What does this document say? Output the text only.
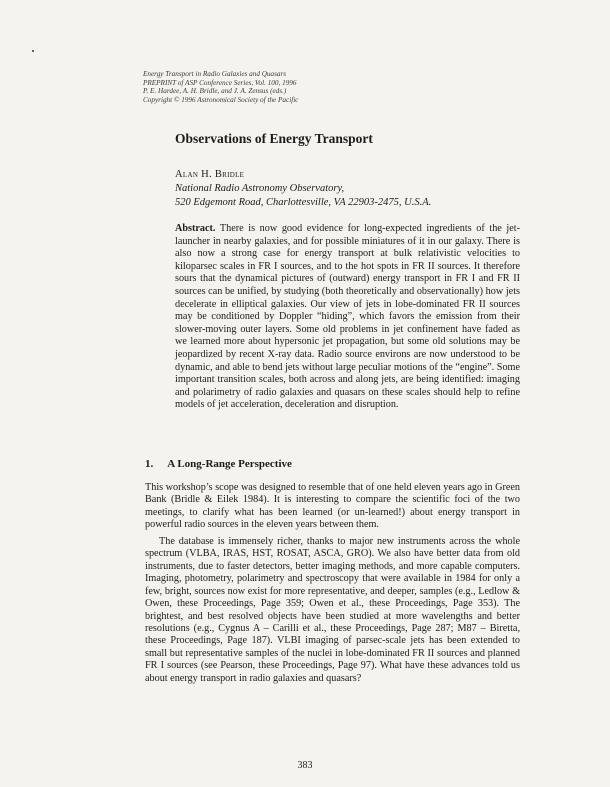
Energy Transport in Radio Galaxies and Quasars
PREPRINT of ASP Conference Series, Vol. 100, 1996
P. E. Hardee, A. H. Bridle, and J. A. Zensus (eds.)
Copyright © 1996 Astronomical Society of the Pacific
Observations of Energy Transport
Alan H. Bridle
National Radio Astronomy Observatory,
520 Edgemont Road, Charlottesville, VA 22903-2475, U.S.A.
Abstract. There is now good evidence for long-expected ingredients of the jet-launcher in nearby galaxies, and for possible miniatures of it in our galaxy. There is also now a strong case for energy transport at bulk relativistic velocities to kiloparsec scales in FR I sources, and to the hot spots in FR II sources. It therefore sours that the dynamical pictures of (outward) energy transport in FR I and FR II sources can be unified, by studying (both theoretically and observationally) how jets decelerate in elliptical galaxies. Our view of jets in lobe-dominated FR II sources may be conditioned by Doppler “hiding”, which favors the emission from their slower-moving outer layers. Some old problems in jet confinement have faded as we learned more about hypersonic jet propagation, but some old solutions may be jeopardized by recent X-ray data. Radio source environs are now understood to be dynamic, and able to bend jets without large peculiar motions of the “engine”. Some important transition scales, both across and along jets, are being identified: imaging and polarimetry of radio galaxies and quasars on these scales should help to refine models of jet acceleration, deceleration and disruption.
1. A Long-Range Perspective

This workshop’s scope was designed to resemble that of one held eleven years ago in Green Bank (Bridle & Eilek 1984). It is interesting to compare the scientific foci of the two meetings, to clarify what has been learned (or un-learned!) about energy transport in powerful radio sources in the eleven years between them.

The database is immensely richer, thanks to major new instruments across the whole spectrum (VLBA, IRAS, HST, ROSAT, ASCA, GRO). We also have better data from old instruments, due to faster detectors, better imaging methods, and more capable computers. Imaging, photometry, polarimetry and spectroscopy that were available in 1984 for only a few, bright, sources now exist for more representative, and deeper, samples (e.g., Ledlow & Owen, these Proceedings, Page 359; Owen et al., these Proceedings, Page 353). The brightest, and best resolved objects have been studied at more wavelengths and better resolutions (e.g., Cygnus A – Carilli et al., these Proceedings, Page 287; M87 – Biretta, these Proceedings, Page 187). VLBI imaging of parsec-scale jets has been extended to small but representative samples of the nuclei in lobe-dominated FR II sources and planned FR I sources (see Pearson, these Proceedings, Page 97). What have these advances told us about energy transport in radio galaxies and quasars?

383
